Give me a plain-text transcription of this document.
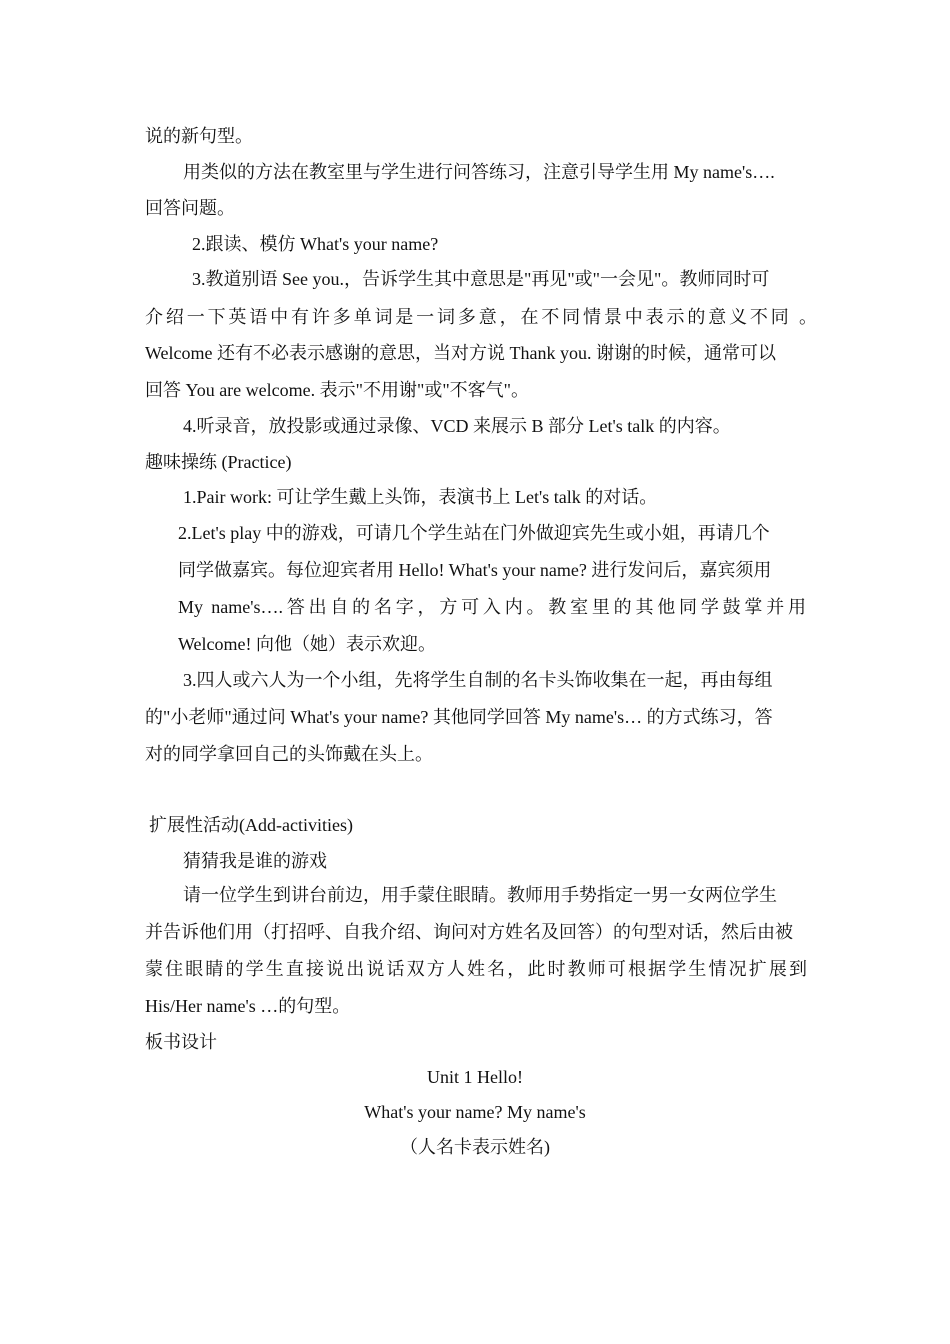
说的新句型。
用类似的方法在教室里与学生进行问答练习，注意引导学生用 My name's….
回答问题。
2.跟读、模仿 What's your name?
3.教道别语 See you.，告诉学生其中意思是"再见"或"一会见"。教师同时可
介绍一下英语中有许多单词是一词多意，在不同情景中表示的意义不同 。
Welcome 还有不必表示感谢的意思，当对方说 Thank you. 谢谢的时候，通常可以
回答 You are welcome. 表示"不用谢"或"不客气"。
4.听录音，放投影或通过录像、VCD 来展示 B 部分 Let's talk 的内容。
趣味操练 (Practice)
1.Pair work: 可让学生戴上头饰，表演书上 Let's talk 的对话。
2.Let's play 中的游戏，可请几个学生站在门外做迎宾先生或小姐，再请几个
同学做嘉宾。每位迎宾者用 Hello! What's your name? 进行发问后，嘉宾须用
My name's….答出自的名字，方可入内。教室里的其他同学鼓掌并用
Welcome! 向他（她）表示欢迎。
3.四人或六人为一个小组，先将学生自制的名卡头饰收集在一起，再由每组
的"小老师"通过问 What's your name? 其他同学回答 My name's… 的方式练习，答
对的同学拿回自己的头饰戴在头上。
扩展性活动(Add-activities)
猜猜我是谁的游戏
请一位学生到讲台前边，用手蒙住眼睛。教师用手势指定一男一女两位学生
并告诉他们用（打招呼、自我介绍、询问对方姓名及回答）的句型对话，然后由被
蒙住眼睛的学生直接说出说话双方人姓名，此时教师可根据学生情况扩展到
His/Her name's …的句型。
板书设计
Unit 1 Hello!
What's your name? My name's
（人名卡表示姓名)
